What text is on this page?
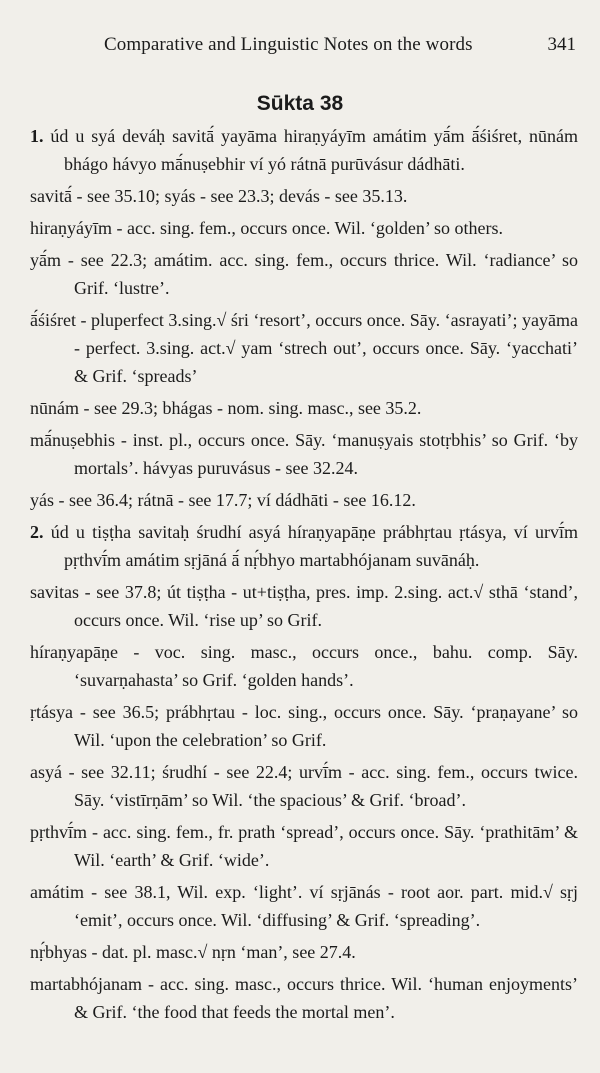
Comparative and Linguistic Notes on the words	341
Sūkta 38

1. úd u syá deváḥ savitā́ yayāma hiraṇyáyīm amátim yā́m ā́śiśret, nūnám bhágo hávyo mā́nuṣebhir ví yó rátnā purūvásur dádhāti.

savitā́ - see 35.10; syás - see 23.3; devás - see 35.13.

hiraṇyáyīm - acc. sing. fem., occurs once. Wil. ‘golden’ so others.

yā́m - see 22.3; amátim. acc. sing. fem., occurs thrice. Wil. ‘radiance’ so Grif. ‘lustre’.

ā́śiśret - pluperfect 3.sing.√ śri ‘resort’, occurs once. Sāy. ‘asrayati’; yayāma - perfect. 3.sing. act.√ yam ‘strech out’, occurs once. Sāy. ‘yacchati’ & Grif. ‘spreads’

nūnám - see 29.3; bhágas - nom. sing. masc., see 35.2.

mā́nuṣebhis - inst. pl., occurs once. Sāy. ‘manuṣyais stotṛbhis’ so Grif. ‘by mortals’. hávyas puruvásus - see 32.24.

yás - see 36.4; rátnā - see 17.7; ví dádhāti - see 16.12.

2. úd u tiṣṭha savitaḥ śrudhí asyá híraṇyapāṇe prábhṛtau ṛtásya, ví urvī́m pṛthvī́m amátim sṛjāná ā́ nṛ́bhyo martabhójanam suvānáḥ.

savitas - see 37.8; út tiṣṭha - ut+tiṣṭha, pres. imp. 2.sing. act.√ sthā ‘stand’, occurs once. Wil. ‘rise up’ so Grif.

híraṇyapāṇe - voc. sing. masc., occurs once., bahu. comp. Sāy. ‘suvarṇahasta’ so Grif. ‘golden hands’.

ṛtásya - see 36.5; prábhṛtau - loc. sing., occurs once. Sāy. ‘praṇayane’ so Wil. ‘upon the celebration’ so Grif.

asyá - see 32.11; śrudhí - see 22.4; urvī́m - acc. sing. fem., occurs twice. Sāy. ‘vistīrṇām’ so Wil. ‘the spacious’ & Grif. ‘broad’.

pṛthvī́m - acc. sing. fem., fr. prath ‘spread’, occurs once. Sāy. ‘prathitām’ & Wil. ‘earth’ & Grif. ‘wide’.

amátim - see 38.1, Wil. exp. ‘light’. ví sṛjānás - root aor. part. mid.√ sṛj ‘emit’, occurs once. Wil. ‘diffusing’ & Grif. ‘spreading’.

nṛ́bhyas - dat. pl. masc.√ nṛn ‘man’, see 27.4.

martabhójanam - acc. sing. masc., occurs thrice. Wil. ‘human enjoyments’ & Grif. ‘the food that feeds the mortal men’.
